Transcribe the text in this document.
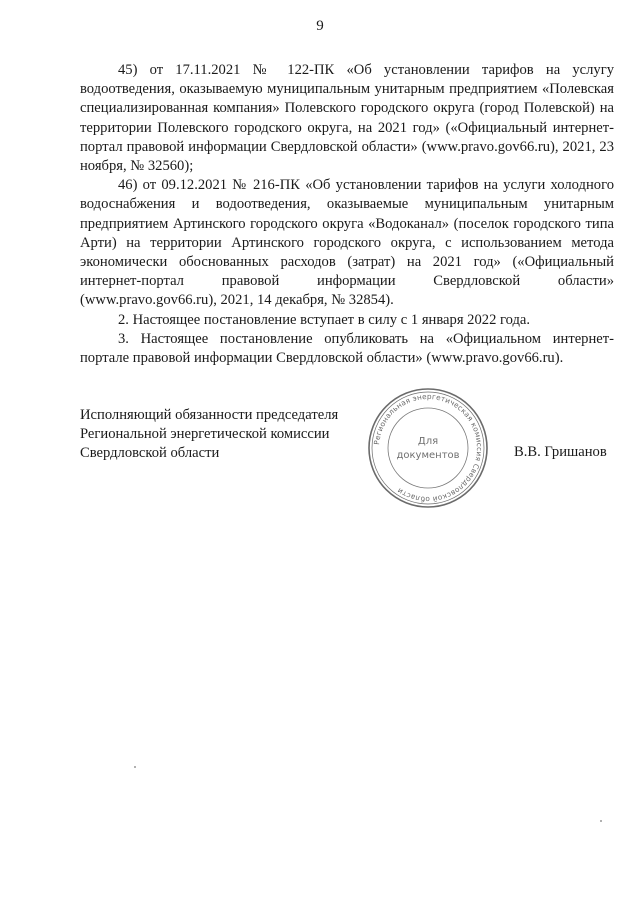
9

45) от 17.11.2021 № 122-ПК «Об установлении тарифов на услугу водоотведения, оказываемую муниципальным унитарным предприятием «Полевская специализированная компания» Полевского городского округа (город Полевской) на территории Полевского городского округа, на 2021 год» («Официальный интернет-портал правовой информации Свердловской области» (www.pravo.gov66.ru), 2021, 23 ноября, № 32560);

46) от 09.12.2021 № 216-ПК «Об установлении тарифов на услуги холодного водоснабжения и водоотведения, оказываемые муниципальным унитарным предприятием Артинского городского округа «Водоканал» (поселок городского типа Арти) на территории Артинского городского округа, с использованием метода экономически обоснованных расходов (затрат) на 2021 год» («Официальный интернет-портал правовой информации Свердловской области» (www.pravo.gov66.ru), 2021, 14 декабря, № 32854).

2. Настоящее постановление вступает в силу с 1 января 2022 года.

3. Настоящее постановление опубликовать на «Официальном интернет-портале правовой информации Свердловской области» (www.pravo.gov66.ru).

Исполняющий обязанности председателя
Региональной энергетической комиссии
Свердловской области
Региональная энергетическая комиссия Свердловской области
Для
документов	В.В. Гришанов
